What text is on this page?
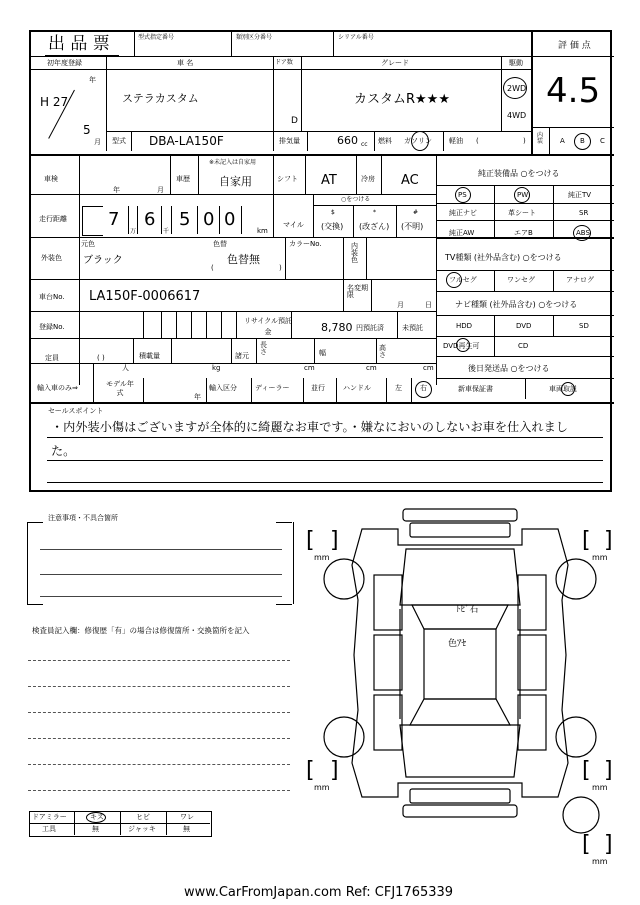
出 品 票	型式指定番号	類別区分番号	シリアル番号
評 価 点
4.5
初年度登録
年
H 27
5
月
車 名
ステラカスタム
ドア数
D
グレード
カスタムR★★★
駆動
2WD
4WD
型式 DBA-LA150F	排気量	660 cc 燃料 ガソリン 軽油 (	)
内装 A B C
純正装備品 ○をつける
PS	PW	純正TV
純正ナビ	革シート	SR
純正AW	エアB	ABS
TV種類 (社外品含む) ○をつける
フルセグ	ワンセグ	アナログ
ナビ種類 (社外品含む) ○をつける
HDD	DVD	SD
DVD再生可	CD
後日発送品 ○をつける
新車保証書	車両取説
車検
年	月
車歴
※未記入は自家用
自家用	シフト AT	冷房 AC
走行距離 7
万
6
千
5 0 0
km
マイル
○をつける
$	*	#
(交換) (改ざん) (不明)
外装色
元色
ブラック
色替
色替無
(	)
カラーNo.	内装色
車台No. LA150F-0006617
名変期限
月	日
登録No.
リサイクル預託金	8,780 円預託済	未預託
定員	( )
人
積載量
kg
諸元
長さ
cm
幅
cm
高さ
cm
輸入車のみ⇒	モデル年式	年
輸入区分	ディーラー	並行	ハンドル	左	右
セールスポイント
・内外装小傷はございますが全体的に綺麗なお車です。・嫌なにおいのしないお車を仕入れまし
た。
注意事項・不具合箇所
検査員記入欄：修復歴「有」の場合は修復箇所・交換箇所を記入
ドアミラー	キズ	ヒビ	ワレ
工具	無	ジャッキ	無
ﾄﾋﾞ石
色ｱｾ
[ ]
mm
[ ]
mm
[ ]
mm
[ ]
mm
[ ]
mm
www.CarFromJapan.com Ref: CFJ1765339
